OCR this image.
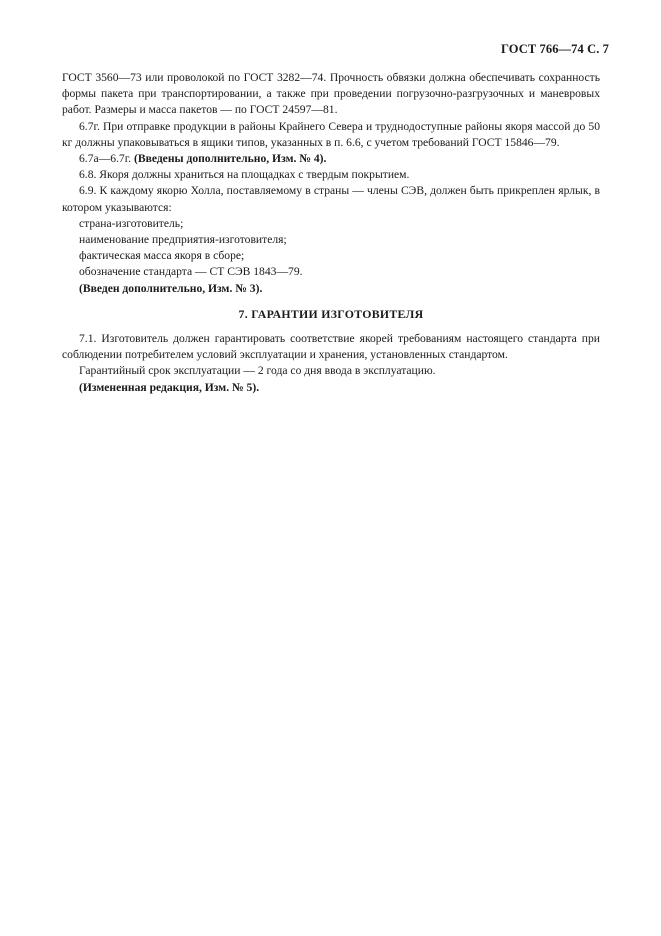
ГОСТ 766—74 С. 7

ГОСТ 3560—73 или проволокой по ГОСТ 3282—74. Прочность обвязки должна обеспечивать сохранность формы пакета при транспортировании, а также при проведении погрузочно-разгрузочных и маневровых работ. Размеры и масса пакетов — по ГОСТ 24597—81.

6.7г. При отправке продукции в районы Крайнего Севера и труднодоступные районы якоря массой до 50 кг должны упаковываться в ящики типов, указанных в п. 6.6, с учетом требований ГОСТ 15846—79.

6.7а—6.7г. (Введены дополнительно, Изм. № 4).

6.8. Якоря должны храниться на площадках с твердым покрытием.

6.9. К каждому якорю Холла, поставляемому в страны — члены СЭВ, должен быть прикреплен ярлык, в котором указываются:

страна-изготовитель;

наименование предприятия-изготовителя;

фактическая масса якоря в сборе;

обозначение стандарта — СТ СЭВ 1843—79.

(Введен дополнительно, Изм. № 3).

7. ГАРАНТИИ ИЗГОТОВИТЕЛЯ

7.1. Изготовитель должен гарантировать соответствие якорей требованиям настоящего стандарта при соблюдении потребителем условий эксплуатации и хранения, установленных стандартом.

Гарантийный срок эксплуатации — 2 года со дня ввода в эксплуатацию.

(Измененная редакция, Изм. № 5).
